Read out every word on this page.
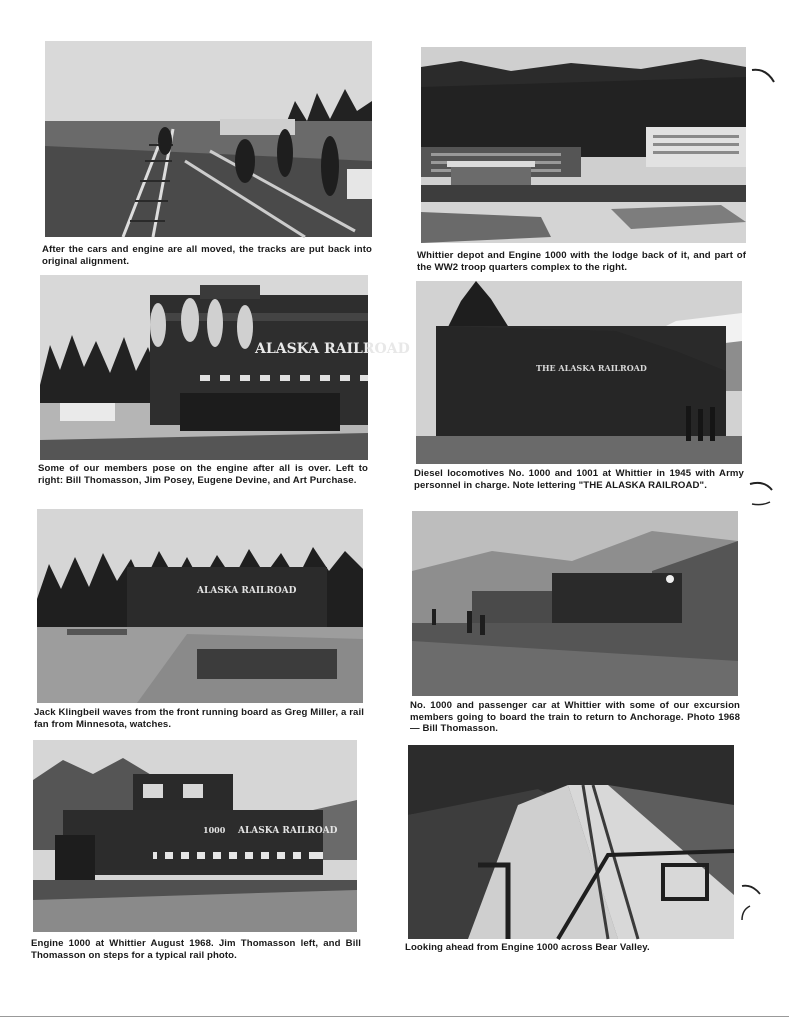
After the cars and engine are all moved, the tracks are put back into original alignment.	Whittier depot and Engine 1000 with the lodge back of it, and part of the WW2 troop quarters complex to the right.

ALASKA RAILROAD

Some of our members pose on the engine after all is over. Left to right: Bill Thomasson, Jim Posey, Eugene Devine, and Art Purchase.

THE ALASKA RAILROAD

Diesel locomotives No. 1000 and 1001 at Whittier in 1945 with Army personnel in charge. Note lettering "THE ALASKA RAILROAD".

ALASKA RAILROAD

Jack Klingbeil waves from the front running board as Greg Miller, a rail fan from Minnesota, watches.

No. 1000 and passenger car at Whittier with some of our excursion members going to board the train to return to Anchorage. Photo 1968 — Bill Thomasson.

1000 ALASKA RAILROAD

Engine 1000 at Whittier August 1968. Jim Thomasson left, and Bill Thomasson on steps for a typical rail photo.

Looking ahead from Engine 1000 across Bear Valley.
